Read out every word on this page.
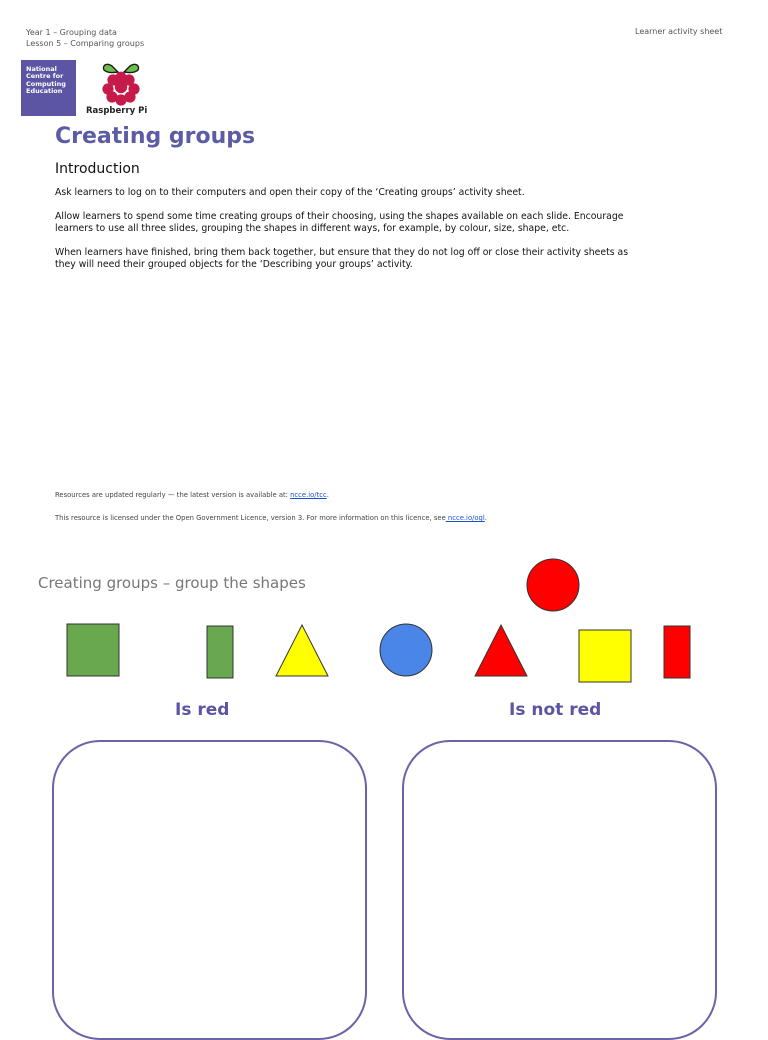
Year 1 – Grouping data
Lesson 5 – Comparing groups
Learner activity sheet
National
Centre for
Computing
Education
Raspberry Pi
Creating groups
Introduction

Ask learners to log on to their computers and open their copy of the ‘Creating groups’ activity sheet.

Allow learners to spend some time creating groups of their choosing, using the shapes available on each slide. Encourage learners to use all three slides, grouping the shapes in different ways, for example, by colour, size, shape, etc.

When learners have finished, bring them back together, but ensure that they do not log off or close their activity sheets as they will need their grouped objects for the ‘Describing your groups’ activity.

Resources are updated regularly — the latest version is available at: ncce.io/tcc.
This resource is licensed under the Open Government Licence, version 3. For more information on this licence, see ncce.io/ogl.
Creating groups – group the shapes
Is red	Is not red
